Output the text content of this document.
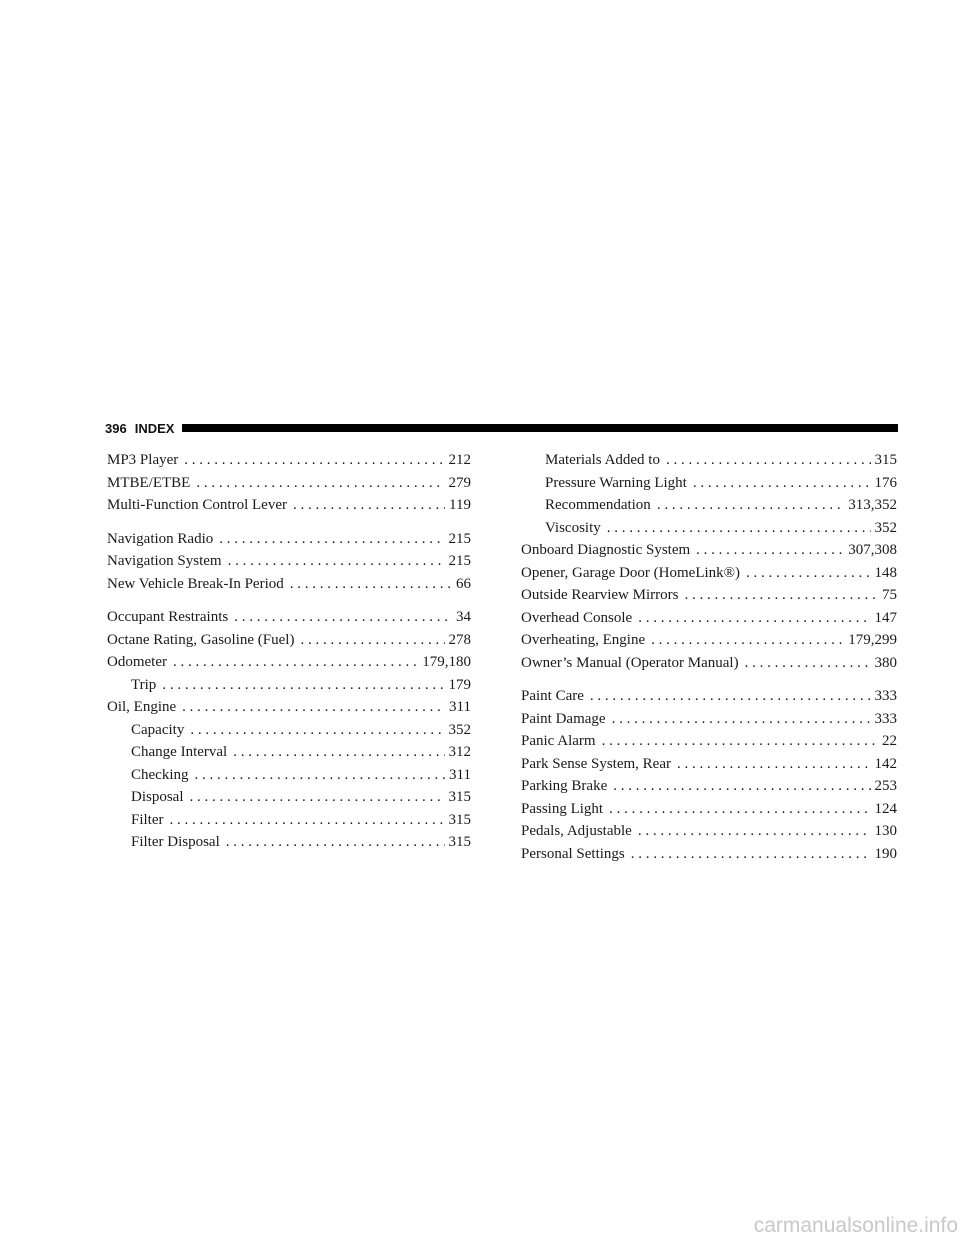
396 INDEX
MP3 Player . . .	212
MTBE/ETBE . . .	279
Multi-Function Control Lever . . .	119
Navigation Radio . . .	215
Navigation System . . .	215
New Vehicle Break-In Period . . .	66
Occupant Restraints . . .	34
Octane Rating, Gasoline (Fuel) . . .	278
Odometer . . .	179,180
Trip . . .	179
Oil, Engine . . .	311
Capacity . . .	352
Change Interval . . .	312
Checking . . .	311
Disposal . . .	315
Filter . . .	315
Filter Disposal . . .	315
Materials Added to . . .	315
Pressure Warning Light . . .	176
Recommendation . . .	313,352
Viscosity . . .	352
Onboard Diagnostic System . . .	307,308
Opener, Garage Door (HomeLink®) . . .	148
Outside Rearview Mirrors . . .	75
Overhead Console . . .	147
Overheating, Engine . . .	179,299
Owner’s Manual (Operator Manual) . . .	380
Paint Care . . .	333
Paint Damage . . .	333
Panic Alarm . . .	22
Park Sense System, Rear . . .	142
Parking Brake . . .	253
Passing Light . . .	124
Pedals, Adjustable . . .	130
Personal Settings . . .	190
carmanualsonline.info
